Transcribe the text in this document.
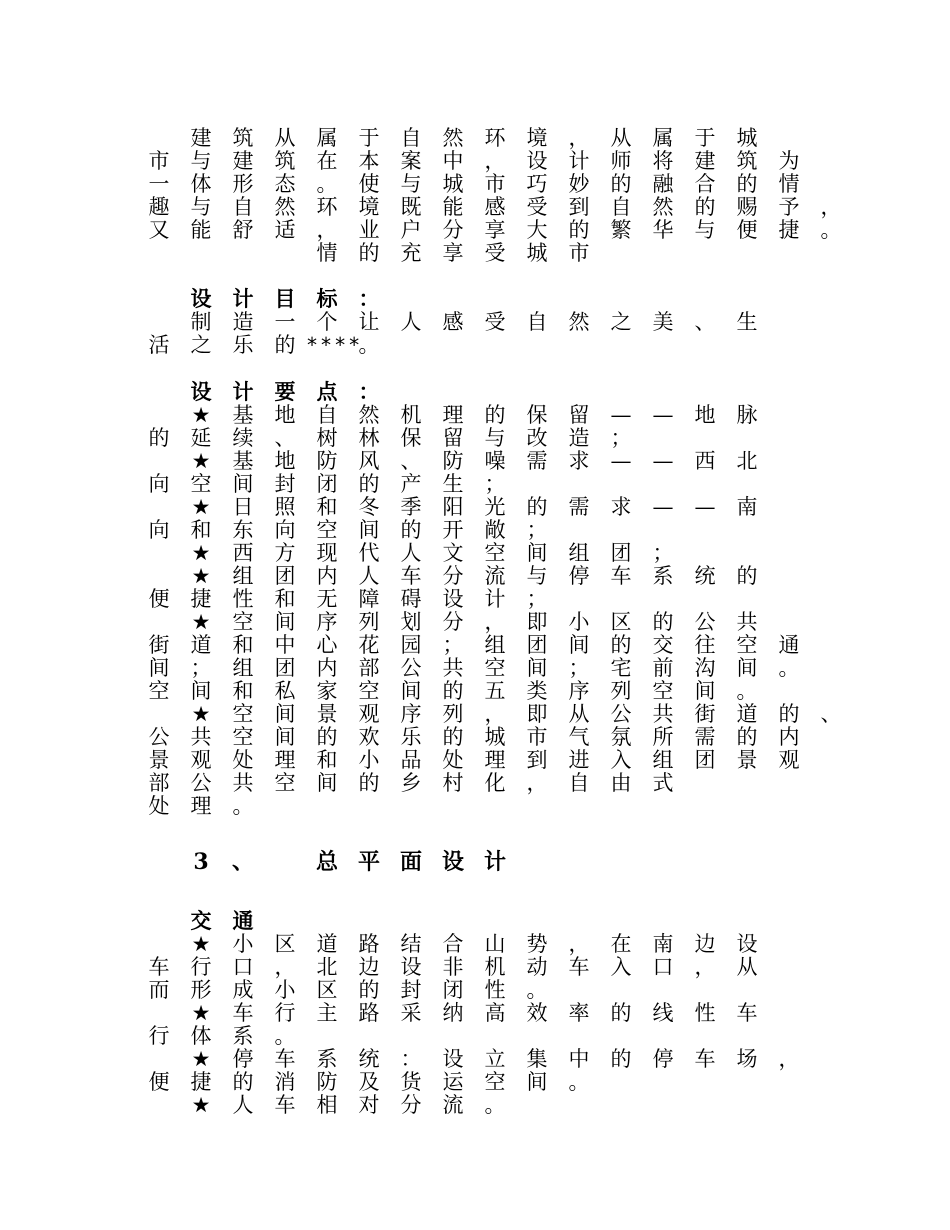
建	筑	从	属	于	自	然	环	境	，	从	属	于	城
市	与	建	筑	在	本	案	中	，	设	计	师	将	建	筑	为
一	体	形	态	。	使	与	城	市	巧	妙	的	融	合	的	情
趣	与	自	然	环	境	既	能	感	受	到	自	然	的	赐	予	，
又	能	舒	适	，	业	户	分	享	大	的	繁	华	与	便	捷	。
情	的	充	享	受	城	市
设	计	目	标	：
制	造	一	个	让	人	感	受	自	然	之	美	、	生
活	之	乐	的 ****
。
设	计	要	点	：
★	基	地	自	然	机	理	的	保	留	—	—	地	脉
的	延	续	、	树	林	保	留	与	改	造	；
★	基	地	防	风	、	防	噪	需	求	—	—	西	北
向	空	间	封	闭	的	产	生	；
★	日	照	和	冬	季	阳	光	的	需	求	—	—	南
向	和	东	向	空	间	的	开	敞	；
★	西	方	现	代	人	文	空	间	组	团	；
★	组	团	内	人	车	分	流	与	停	车	系	统	的
便	捷	性	和	无	障	碍	设	计	；
★	空	间	序	列	划	分	，	即	小	区	的	公	共
街	道	和	中	心	花	园	；	组	团	间	的	交	往	空	通
间	；	组	团	内	部	公	共	空	间	；	宅	前	沟	间	。
空	间	和	私	家	空	间	的	五	类	序	列	空	间	。
★	空	间	景	观	序	列	，	即	从	公	共	街	道	的	、
公	共	空	间	的	欢	乐	的	城	市	气	氛	所	需	的	内
景	观	处	理	和	小	品	处	理	到	进	入	组	团	景	观
部	公	共	空	间	的	乡	村	化	，	自	由	式
处	理	。
3	、	总 平 面 设 计
交	通
★	小	区	道	路	结	合	山	势	，	在	南	边	设
车	行	口	，	北	边	设	非	机	动	车	入	口	，	从
而	形	成	小	区	的	封	闭	性	。
★	车	行	主	路	采	纳	高	效	率	的	线	性	车
行	体	系	。
★	停	车	系	统	：	设	立	集	中	的	停	车	场	，
便	捷	的	消	防	及	货	运	空	间	。
★	人	车	相	对	分	流	。
